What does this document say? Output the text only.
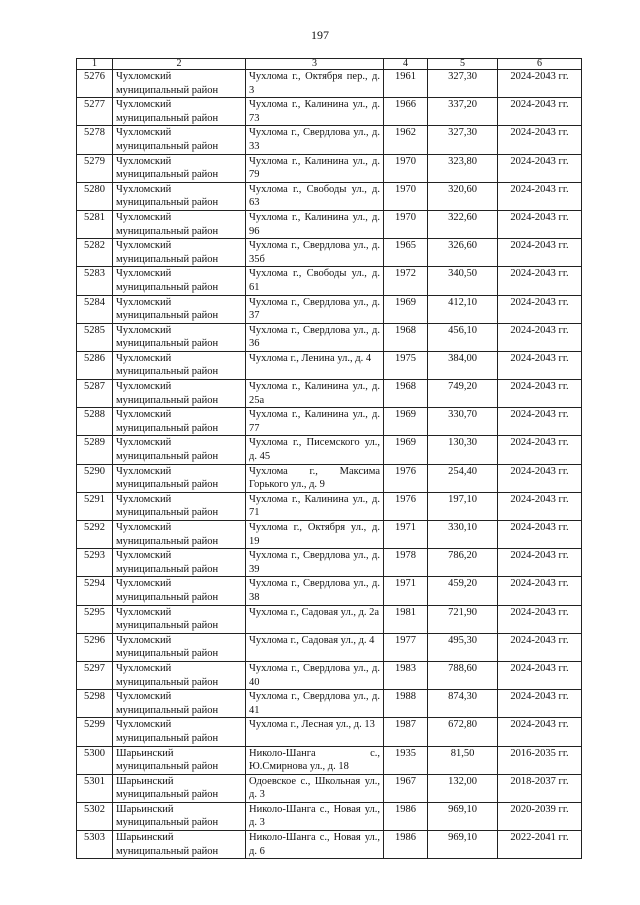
197
1	2	3	4	5	6
5276	Чухломский муниципальный район	Чухлома г., Октября пер., д. 3	1961	327,30	2024-2043 гг.
5277	Чухломский муниципальный район	Чухлома г., Калинина ул., д. 73	1966	337,20	2024-2043 гг.
5278	Чухломский муниципальный район	Чухлома г., Свердлова ул., д. 33	1962	327,30	2024-2043 гг.
5279	Чухломский муниципальный район	Чухлома г., Калинина ул., д. 79	1970	323,80	2024-2043 гг.
5280	Чухломский муниципальный район	Чухлома г., Свободы ул., д. 63	1970	320,60	2024-2043 гг.
5281	Чухломский муниципальный район	Чухлома г., Калинина ул., д. 96	1970	322,60	2024-2043 гг.
5282	Чухломский муниципальный район	Чухлома г., Свердлова ул., д. 35б	1965	326,60	2024-2043 гг.
5283	Чухломский муниципальный район	Чухлома г., Свободы ул., д. 61	1972	340,50	2024-2043 гг.
5284	Чухломский муниципальный район	Чухлома г., Свердлова ул., д. 37	1969	412,10	2024-2043 гг.
5285	Чухломский муниципальный район	Чухлома г., Свердлова ул., д. 36	1968	456,10	2024-2043 гг.
5286	Чухломский муниципальный район	Чухлома г., Ленина ул., д. 4	1975	384,00	2024-2043 гг.
5287	Чухломский муниципальный район	Чухлома г., Калинина ул., д. 25а	1968	749,20	2024-2043 гг.
5288	Чухломский муниципальный район	Чухлома г., Калинина ул., д. 77	1969	330,70	2024-2043 гг.
5289	Чухломский муниципальный район	Чухлома г., Писемского ул., д. 45	1969	130,30	2024-2043 гг.
5290	Чухломский муниципальный район	Чухлома г., Максима Горького ул., д. 9	1976	254,40	2024-2043 гг.
5291	Чухломский муниципальный район	Чухлома г., Калинина ул., д. 71	1976	197,10	2024-2043 гг.
5292	Чухломский муниципальный район	Чухлома г., Октября ул., д. 19	1971	330,10	2024-2043 гг.
5293	Чухломский муниципальный район	Чухлома г., Свердлова ул., д. 39	1978	786,20	2024-2043 гг.
5294	Чухломский муниципальный район	Чухлома г., Свердлова ул., д. 38	1971	459,20	2024-2043 гг.
5295	Чухломский муниципальный район	Чухлома г., Садовая ул., д. 2а	1981	721,90	2024-2043 гг.
5296	Чухломский муниципальный район	Чухлома г., Садовая ул., д. 4	1977	495,30	2024-2043 гг.
5297	Чухломский муниципальный район	Чухлома г., Свердлова ул., д. 40	1983	788,60	2024-2043 гг.
5298	Чухломский муниципальный район	Чухлома г., Свердлова ул., д. 41	1988	874,30	2024-2043 гг.
5299	Чухломский муниципальный район	Чухлома г., Лесная ул., д. 13	1987	672,80	2024-2043 гг.
5300	Шарьинский муниципальный район	Николо-Шанга с., Ю.Смирнова ул., д. 18	1935	81,50	2016-2035 гг.
5301	Шарьинский муниципальный район	Одоевское с., Школьная ул., д. 3	1967	132,00	2018-2037 гг.
5302	Шарьинский муниципальный район	Николо-Шанга с., Новая ул., д. 3	1986	969,10	2020-2039 гг.
5303	Шарьинский муниципальный район	Николо-Шанга с., Новая ул., д. 6	1986	969,10	2022-2041 гг.
